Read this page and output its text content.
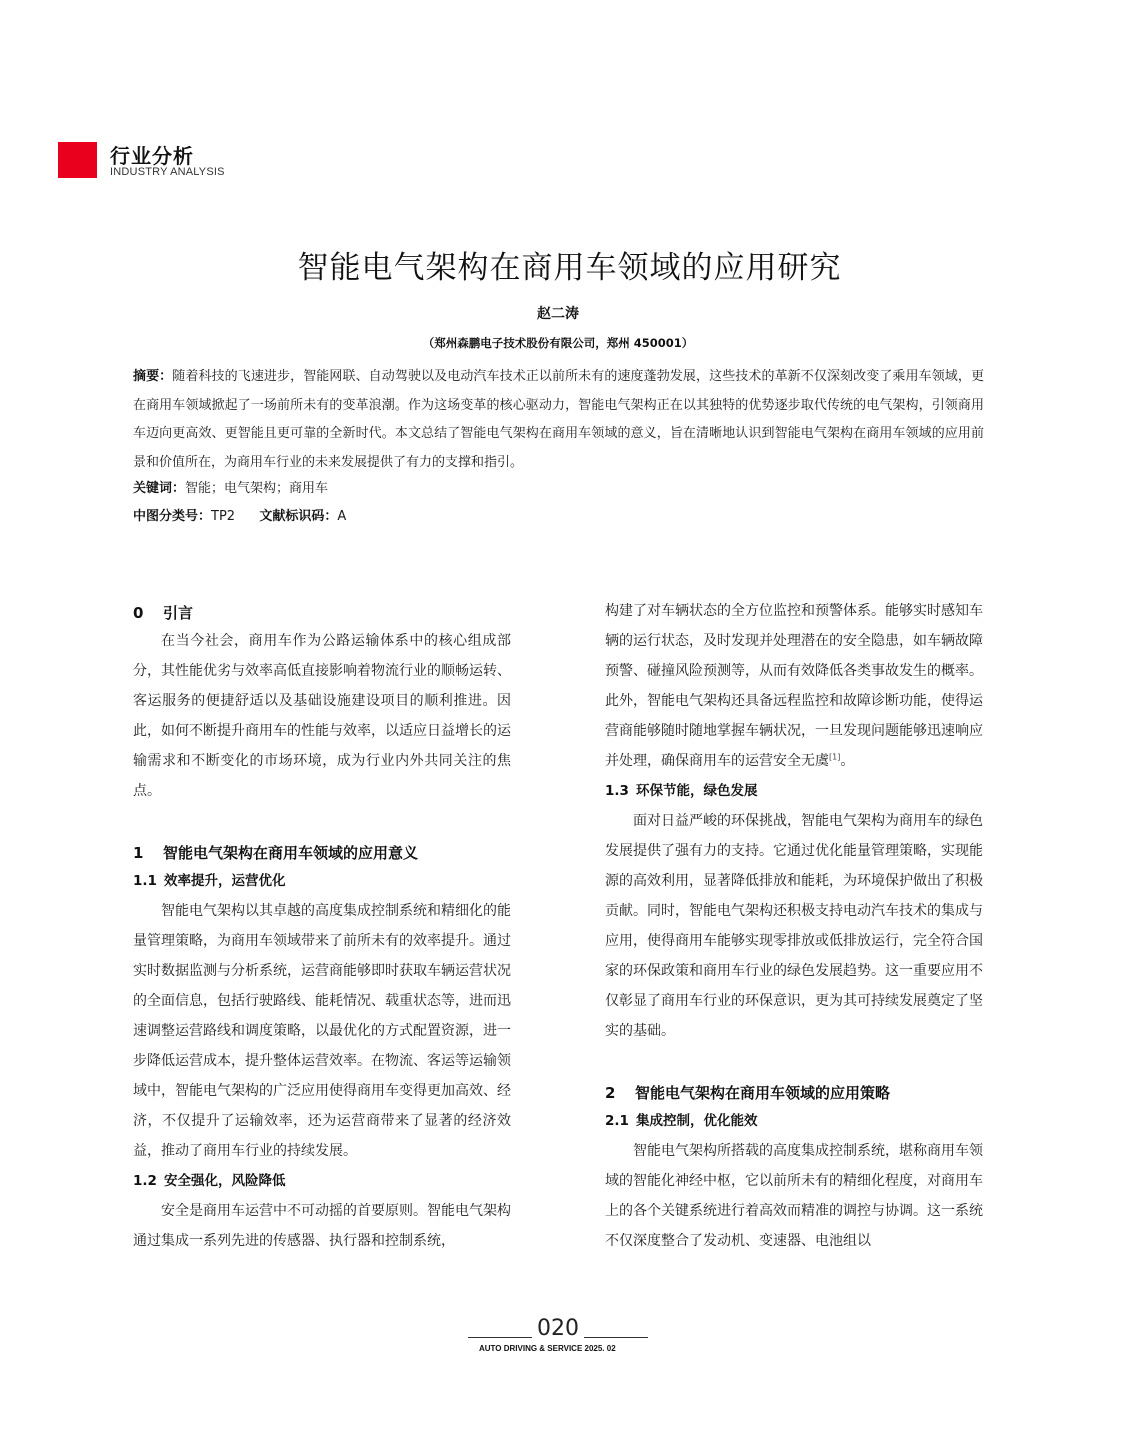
行业分析
INDUSTRY ANALYSIS
智能电气架构在商用车领域的应用研究
赵二涛
（郑州森鹏电子技术股份有限公司，郑州 450001）
摘要：随着科技的飞速进步，智能网联、自动驾驶以及电动汽车技术正以前所未有的速度蓬勃发展，这些技术的革新不仅深刻改变了乘用车领域，更在商用车领域掀起了一场前所未有的变革浪潮。作为这场变革的核心驱动力，智能电气架构正在以其独特的优势逐步取代传统的电气架构，引领商用车迈向更高效、更智能且更可靠的全新时代。本文总结了智能电气架构在商用车领域的意义，旨在清晰地认识到智能电气架构在商用车领域的应用前景和价值所在，为商用车行业的未来发展提供了有力的支撑和指引。
关键词：智能；电气架构；商用车
中图分类号：TP2 文献标识码：A
0 引言

在当今社会，商用车作为公路运输体系中的核心组成部分，其性能优劣与效率高低直接影响着物流行业的顺畅运转、客运服务的便捷舒适以及基础设施建设项目的顺利推进。因此，如何不断提升商用车的性能与效率，以适应日益增长的运输需求和不断变化的市场环境，成为行业内外共同关注的焦点。

1 智能电气架构在商用车领域的应用意义
1.1 效率提升，运营优化

智能电气架构以其卓越的高度集成控制系统和精细化的能量管理策略，为商用车领域带来了前所未有的效率提升。通过实时数据监测与分析系统，运营商能够即时获取车辆运营状况的全面信息，包括行驶路线、能耗情况、载重状态等，进而迅速调整运营路线和调度策略，以最优化的方式配置资源，进一步降低运营成本，提升整体运营效率。在物流、客运等运输领域中，智能电气架构的广泛应用使得商用车变得更加高效、经济，不仅提升了运输效率，还为运营商带来了显著的经济效益，推动了商用车行业的持续发展。

1.2 安全强化，风险降低

安全是商用车运营中不可动摇的首要原则。智能电气架构通过集成一系列先进的传感器、执行器和控制系统，

构建了对车辆状态的全方位监控和预警体系。能够实时感知车辆的运行状态，及时发现并处理潜在的安全隐患，如车辆故障预警、碰撞风险预测等，从而有效降低各类事故发生的概率。此外，智能电气架构还具备远程监控和故障诊断功能，使得运营商能够随时随地掌握车辆状况，一旦发现问题能够迅速响应并处理，确保商用车的运营安全无虞[1]。

1.3 环保节能，绿色发展

面对日益严峻的环保挑战，智能电气架构为商用车的绿色发展提供了强有力的支持。它通过优化能量管理策略，实现能源的高效利用，显著降低排放和能耗，为环境保护做出了积极贡献。同时，智能电气架构还积极支持电动汽车技术的集成与应用，使得商用车能够实现零排放或低排放运行，完全符合国家的环保政策和商用车行业的绿色发展趋势。这一重要应用不仅彰显了商用车行业的环保意识，更为其可持续发展奠定了坚实的基础。

2 智能电气架构在商用车领域的应用策略
2.1 集成控制，优化能效

智能电气架构所搭载的高度集成控制系统，堪称商用车领域的智能化神经中枢，它以前所未有的精细化程度，对商用车上的各个关键系统进行着高效而精准的调控与协调。这一系统不仅深度整合了发动机、变速器、电池组以

020
AUTO DRIVING & SERVICE 2025. 02
